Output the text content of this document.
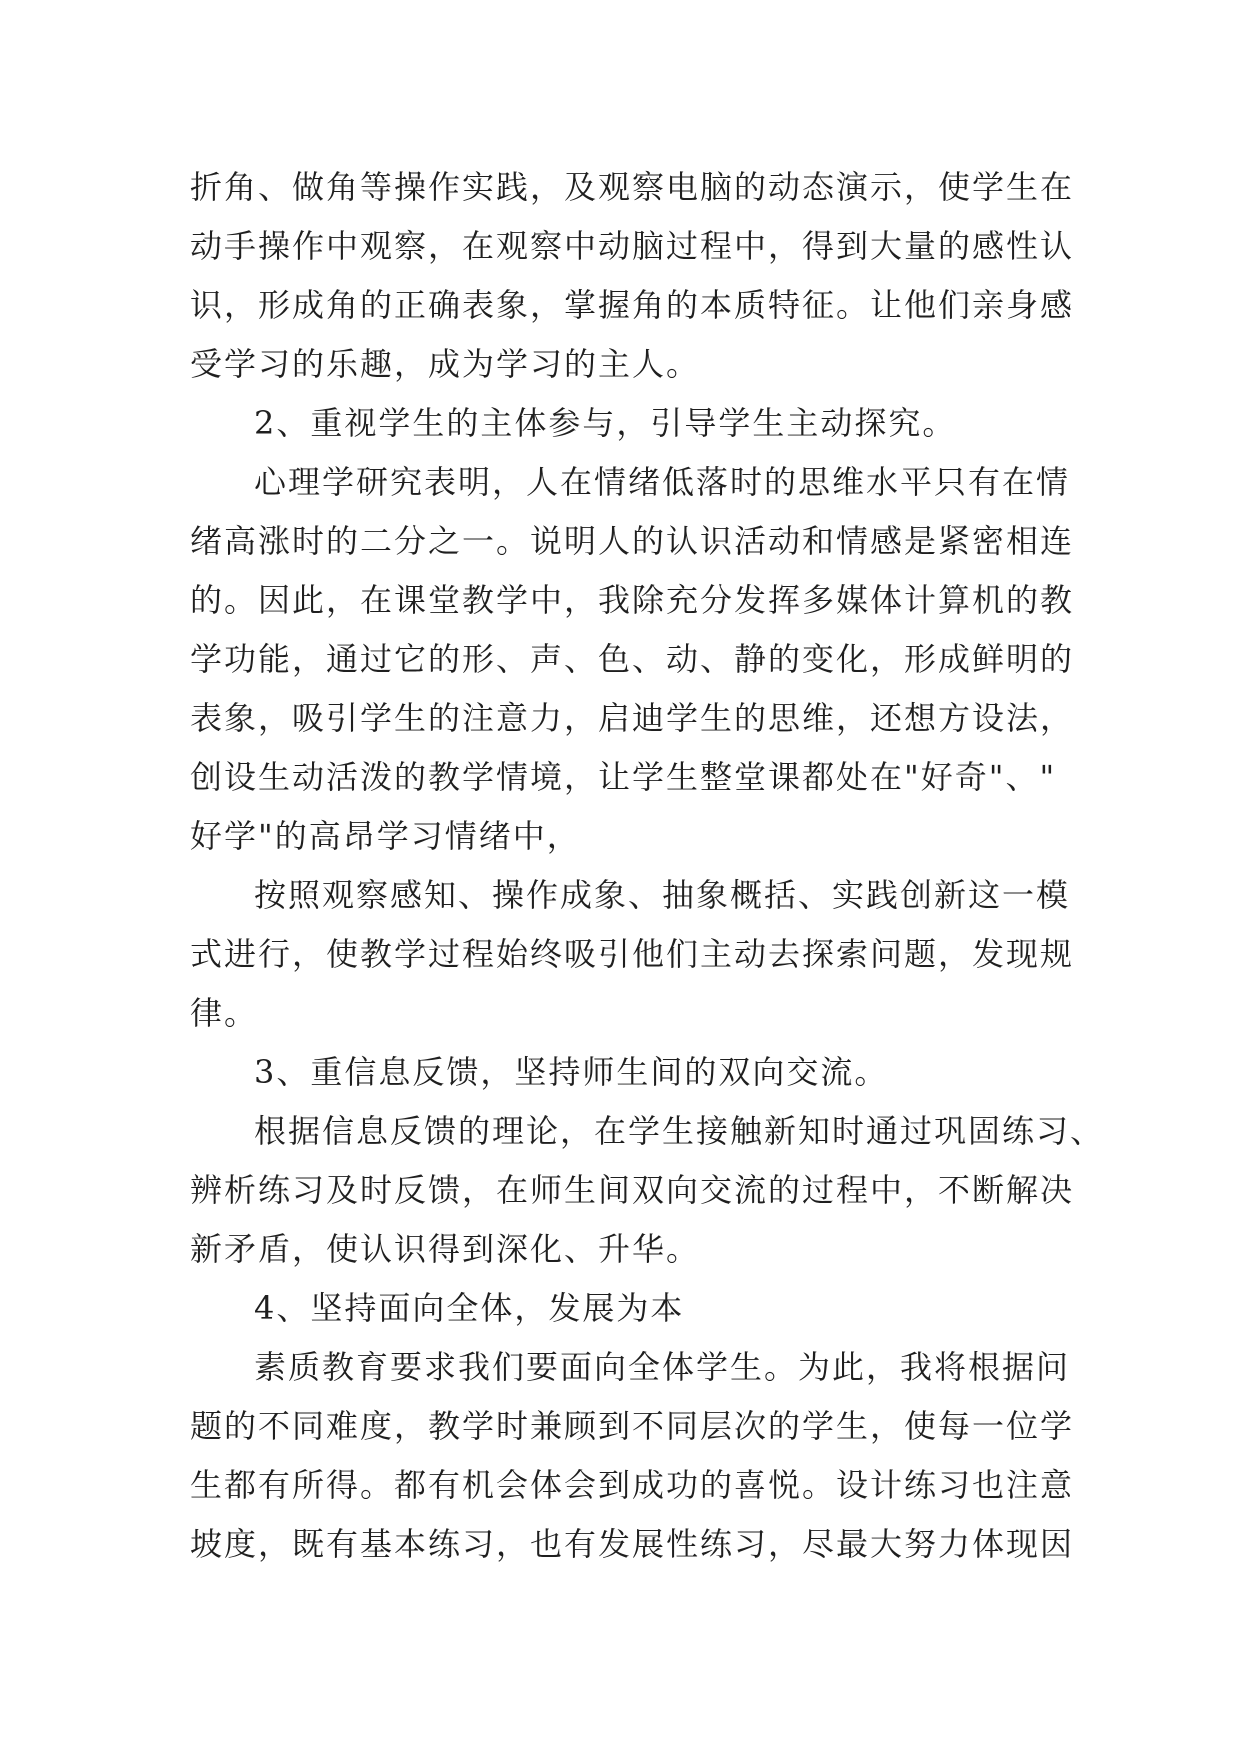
折角、做角等操作实践，及观察电脑的动态演示，使学生在
动手操作中观察，在观察中动脑过程中，得到大量的感性认
识，形成角的正确表象，掌握角的本质特征。让他们亲身感
受学习的乐趣，成为学习的主人。
2、重视学生的主体参与，引导学生主动探究。
心理学研究表明，人在情绪低落时的思维水平只有在情
绪高涨时的二分之一。说明人的认识活动和情感是紧密相连
的。因此，在课堂教学中，我除充分发挥多媒体计算机的教
学功能，通过它的形、声、色、动、静的变化，形成鲜明的
表象，吸引学生的注意力，启迪学生的思维，还想方设法，
创设生动活泼的教学情境，让学生整堂课都处在"好奇"、"
好学"的高昂学习情绪中，
按照观察感知、操作成象、抽象概括、实践创新这一模
式进行，使教学过程始终吸引他们主动去探索问题，发现规
律。
3、重信息反馈，坚持师生间的双向交流。
根据信息反馈的理论，在学生接触新知时通过巩固练习、
辨析练习及时反馈，在师生间双向交流的过程中，不断解决
新矛盾，使认识得到深化、升华。
4、坚持面向全体，发展为本
素质教育要求我们要面向全体学生。为此，我将根据问
题的不同难度，教学时兼顾到不同层次的学生，使每一位学
生都有所得。都有机会体会到成功的喜悦。设计练习也注意
坡度，既有基本练习，也有发展性练习，尽最大努力体现因
